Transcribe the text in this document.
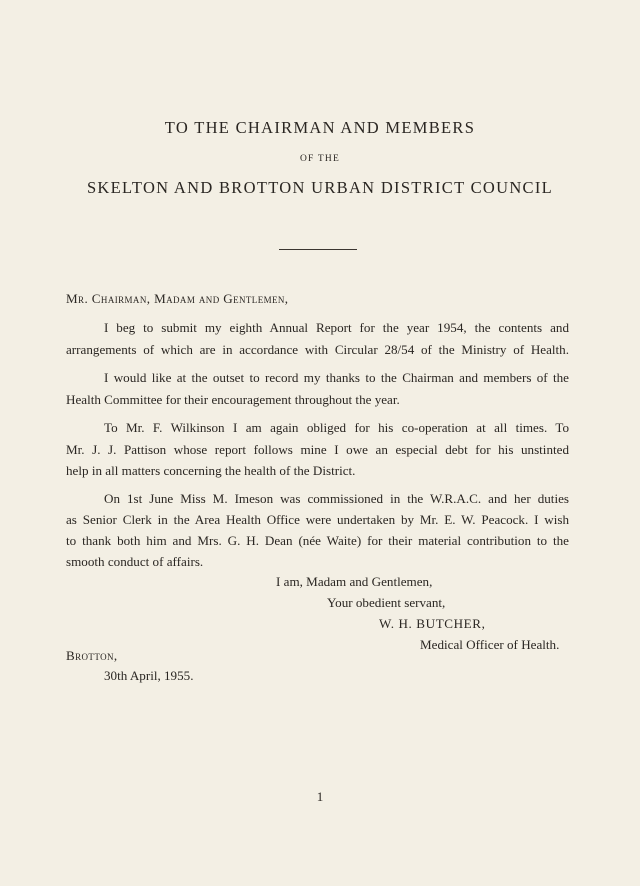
TO THE CHAIRMAN AND MEMBERS
OF THE
SKELTON AND BROTTON URBAN DISTRICT COUNCIL
Mr. Chairman, Madam and Gentlemen,
I beg to submit my eighth Annual Report for the year 1954, the contents and
arrangements of which are in accordance with Circular 28/54 of the Ministry of Health.
I would like at the outset to record my thanks to the Chairman and members of the
Health Committee for their encouragement throughout the year.
To Mr. F. Wilkinson I am again obliged for his co-operation at all times. To
Mr. J. J. Pattison whose report follows mine I owe an especial debt for his unstinted
help in all matters concerning the health of the District.
On 1st June Miss M. Imeson was commissioned in the W.R.A.C. and her duties
as Senior Clerk in the Area Health Office were undertaken by Mr. E. W. Peacock. I wish
to thank both him and Mrs. G. H. Dean (née Waite) for their material contribution to the
smooth conduct of affairs.
I am, Madam and Gentlemen,
Your obedient servant,
W. H. BUTCHER,
Medical Officer of Health.
Brotton,
30th April, 1955.
1
